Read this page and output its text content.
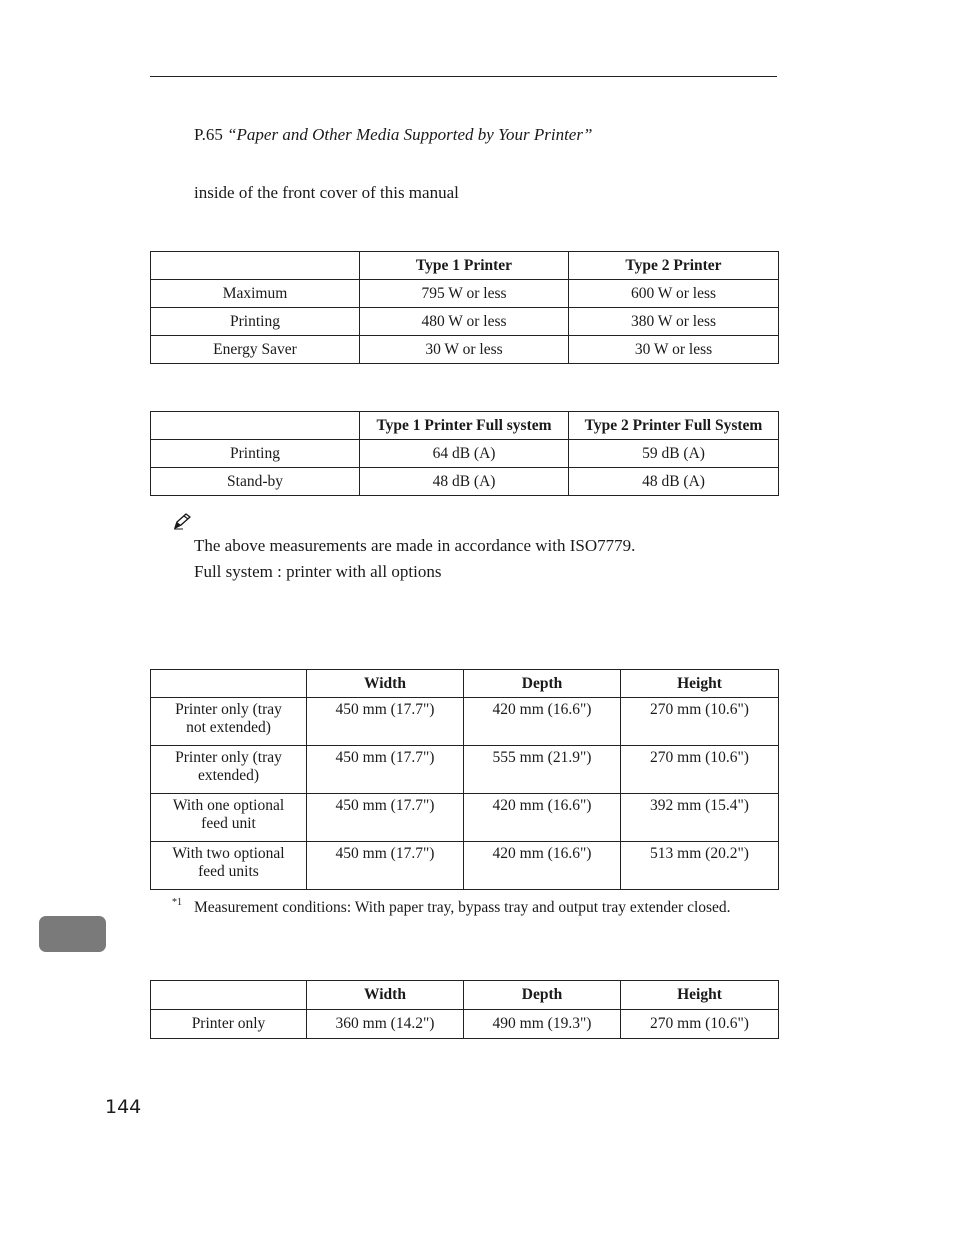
P.65 “Paper and Other Media Supported by Your Printer”
inside of the front cover of this manual
	Type 1 Printer	Type 2 Printer
Maximum	795 W or less	600 W or less
Printing	480 W or less	380 W or less
Energy Saver	30 W or less	30 W or less
	Type 1 Printer Full system	Type 2 Printer Full System
Printing	64 dB (A)	59 dB (A)
Stand-by	48 dB (A)	48 dB (A)
The above measurements are made in accordance with ISO7779.
Full system : printer with all options
	Width	Depth	Height
Printer only (tray
not extended)	450 mm (17.7")	420 mm (16.6")	270 mm (10.6")
Printer only (tray
extended)	450 mm (17.7")	555 mm (21.9")	270 mm (10.6")
With one optional
feed unit	450 mm (17.7")	420 mm (16.6")	392 mm (15.4")
With two optional
feed units	450 mm (17.7")	420 mm (16.6")	513 mm (20.2")
*1 Measurement conditions: With paper tray, bypass tray and output tray extender closed.
	Width	Depth	Height
Printer only	360 mm (14.2")	490 mm (19.3")	270 mm (10.6")
144
